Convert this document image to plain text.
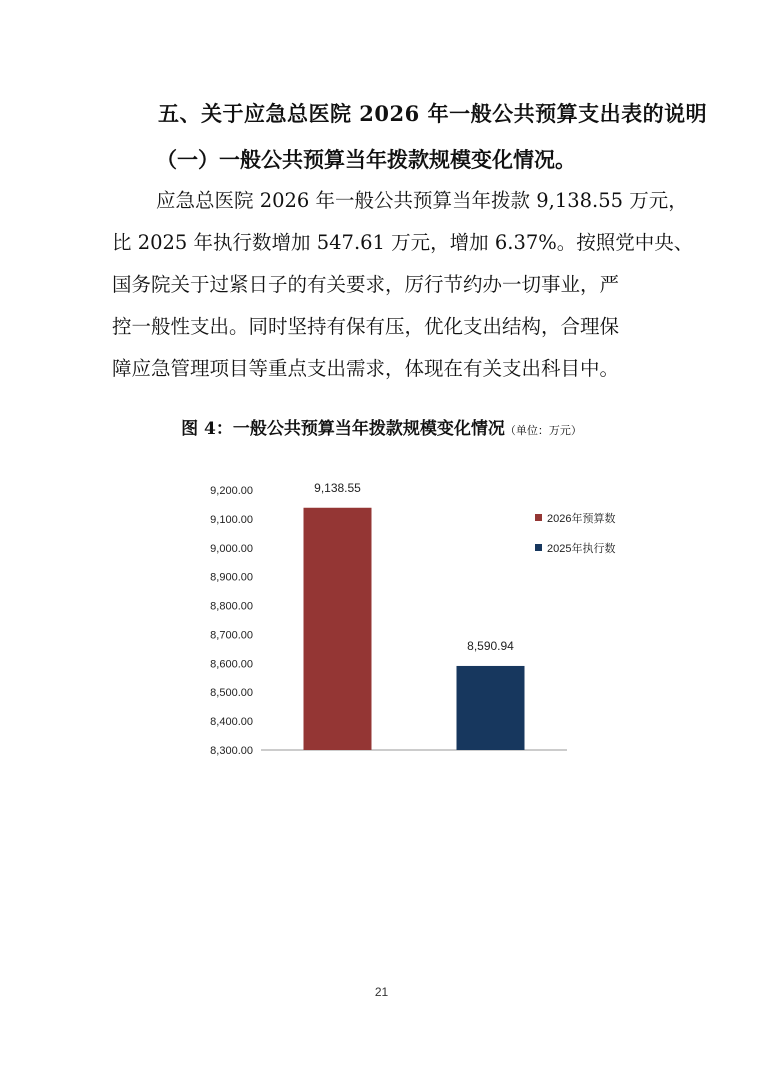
五、关于应急总医院 2026 年一般公共预算支出表的说明
（一）一般公共预算当年拨款规模变化情况。
应急总医院 2026 年一般公共预算当年拨款 9,138.55 万元，
比 2025 年执行数增加 547.61 万元，增加 6.37%。按照党中央、
国务院关于过紧日子的有关要求，厉行节约办一切事业，严
控一般性支出。同时坚持有保有压，优化支出结构，合理保
障应急管理项目等重点支出需求，体现在有关支出科目中。
图 4：一般公共预算当年拨款规模变化情况（单位：万元）
9,200.00
9,100.00
9,000.00
8,900.00
8,800.00
8,700.00
8,600.00
8,500.00
8,400.00
8,300.00
9,138.55
8,590.94
2026年预算数
2025年执行数
21
